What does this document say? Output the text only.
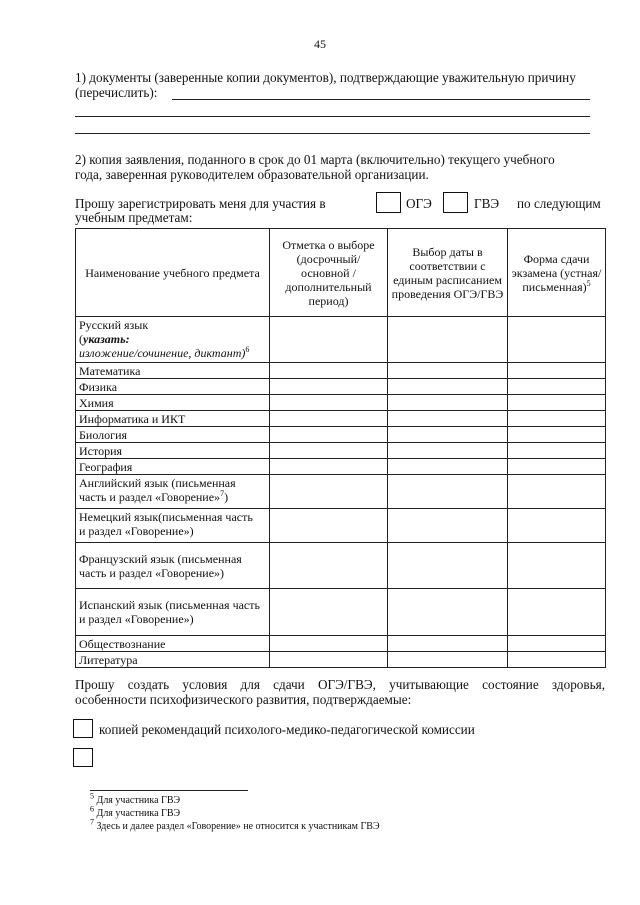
45
1) документы (заверенные копии документов), подтверждающие уважительную причину
(перечислить):
2) копия заявления, поданного в срок до 01 марта (включительно) текущего учебного
года, заверенная руководителем образовательной организации.
Прошу зарегистрировать меня для участия в	ОГЭ	ГВЭ по следующим
учебным предметам:
Наименование учебного предмета	Отметка о выборе (досрочный/ основной / дополнительный период)	Выбор даты в соответствии с единым расписанием проведения ОГЭ/ГВЭ	Форма сдачи экзамена (устная/ письменная)$^5$

Русский язык
(указать:
изложение/сочинение, диктант)$^6$

Математика			
Физика			
Химия			
Информатика и ИКТ			
Биология			
История			
География			

Английский язык (письменная
часть и раздел «Говорение»$^7$)			

Немецкий язык(письменная часть
и раздел «Говорение»)			

Французский язык (письменная
часть и раздел «Говорение»)			

Испанский язык (письменная часть
и раздел «Говорение»)			

Обществознание			
Литература			
Прошу создать условия для сдачи ОГЭ/ГВЭ, учитывающие состояние здоровья,
особенности психофизического развития, подтверждаемые:
копией рекомендаций психолого-медико-педагогической комиссии
$^5$ Для участника ГВЭ
$^6$ Для участника ГВЭ
$^7$ Здесь и далее раздел «Говорение» не относится к участникам ГВЭ
